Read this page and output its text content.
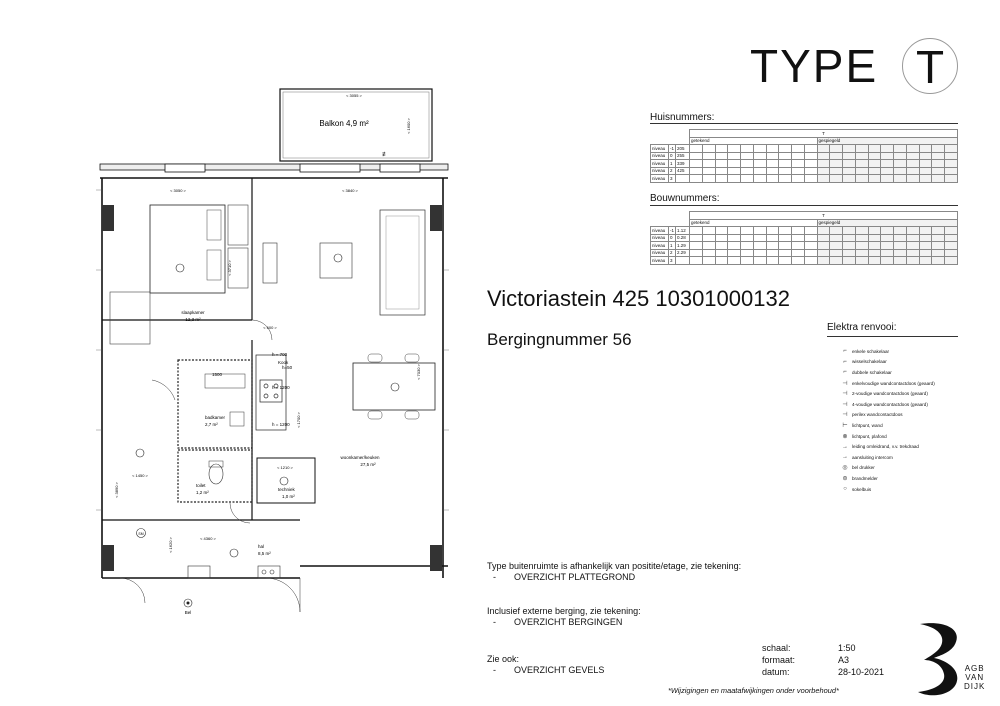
Balkon 4,9 m²
< 3055 >
< 1600 >
≢
slaapkamer
12,3 m²
< 3050 >
< 3710 >
< 3840 >
< 600 >
< 7030 >
< 1700 >
woonkamer/keuken
27,5 m²
h = 700
Kook
h=50
h = 1200
h = 1200
1500
badkamer
2,7 m²
toilet
1,2 m²
< 1210 >
techniek
1,0 m²
< 1450 >
< 3890 >
< 1620 >	< 4360 >
SM
hal
8,5 m²
Bel
TYPE T
Huisnummers:
			T																				
			getekend										gespiegeld										
niveau	-1	205																					
niveau	0	255																					
niveau	1	339																					
niveau	2	425																					
niveau	3																						
Bouwnummers:
			T																				
			getekend										gespiegeld										
niveau	-1	1.12																					
niveau	0	0.28																					
niveau	1	1.29																					
niveau	2	2.29																					
niveau	3																						
Victoriastein 425 10301000132
Bergingnummer 56
Elektra renvooi:
⌐	enkele schakelaar
⌐	wisselschakelaar
⌐	dubbele schakelaar
⊣ enkelvoudige wandcontactdoos (geaard)
⊣ 2-voudige wandcontactdoos (geaard)
⊣ 4-voudige wandcontactdoos (geaard)
⊣ perilex wandcontactdoos
⊢ lichtpunt, wand
⊗ lichtpunt, plafond
→ leiding omleidrand, v.v. trekdraad
→ aansluiting intercom
◎ bel drukker
⊜ brandmelder
○	sokelbuis
Type buitenruimte is afhankelijk van positite/etage, zie tekening:
- OVERZICHT PLATTEGROND
Inclusief externe berging, zie tekening:
- OVERZICHT BERGINGEN
Zie ook:
- OVERZICHT GEVELS
schaal:	1:50
formaat:	A3
datum:	28-10-2021
*Wijzigingen en maatafwijkingen onder voorbehoud*
AGB
VAN
DIJK
